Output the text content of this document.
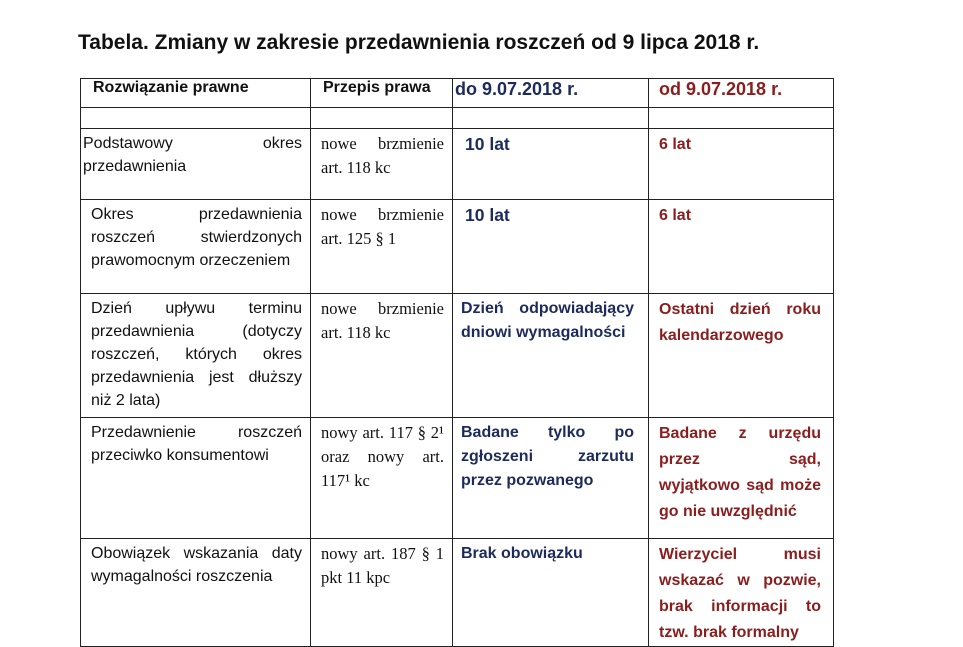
Tabela. Zmiany w zakresie przedawnienia roszczeń od 9 lipca 2018 r.
Rozwiązanie prawne	Przepis prawa	do 9.07.2018 r.	od 9.07.2018 r.

Podstawowy okres przedawnienia	nowe brzmienie art. 118 kc	10 lat	6 lat

Okres przedawnienia roszczeń stwierdzonych prawomocnym orzeczeniem	nowe brzmienie art. 125 § 1	10 lat	6 lat

Dzień upływu terminu przedawnienia (dotyczy roszczeń, których okres przedawnienia jest dłuższy niż 2 lata)	nowe brzmienie art. 118 kc	Dzień odpowiadający dniowi wymagalności	Ostatni dzień roku kalendarzowego

Przedawnienie roszczeń przeciwko konsumentowi	nowy art. 117 § 2¹ oraz nowy art. 117¹ kc	Badane tylko po zgłoszeni zarzutu przez pozwanego	Badane z urzędu przez sąd, wyjątkowo sąd może go nie uwzględnić

Obowiązek wskazania daty wymagalności roszczenia	nowy art. 187 § 1 pkt 11 kpc	Brak obowiązku	Wierzyciel musi wskazać w pozwie, brak informacji to tzw. brak formalny
